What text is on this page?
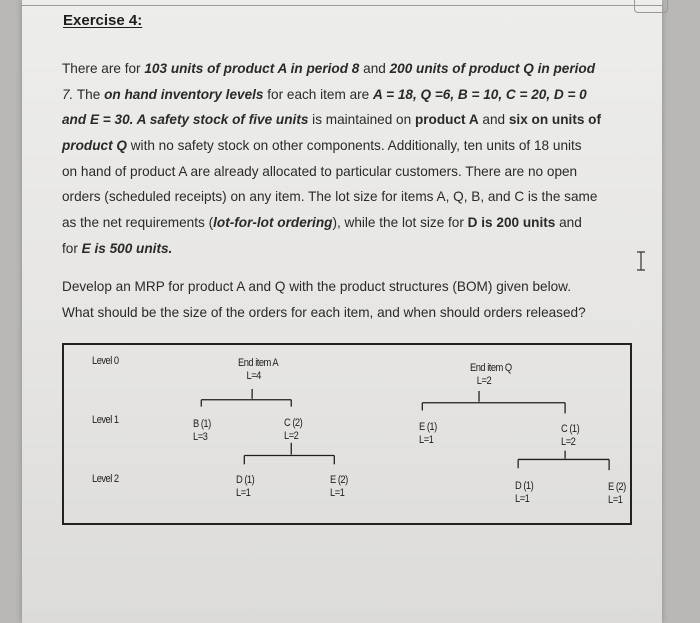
Exercise 4:
There are for 103 units of product A in period 8 and 200 units of product Q in period
7. The on hand inventory levels for each item are A = 18, Q =6, B = 10, C = 20, D = 0
and E = 30. A safety stock of five units is maintained on product A and six on units of
product Q with no safety stock on other components. Additionally, ten units of 18 units
on hand of product A are already allocated to particular customers. There are no open
orders (scheduled receipts) on any item. The lot size for items A, Q, B, and C is the same
as the net requirements (lot-for-lot ordering), while the lot size for D is 200 units and
for E is 500 units.
Develop an MRP for product A and Q with the product structures (BOM) given below.
What should be the size of the orders for each item, and when should orders released?
Level 0
Level 1
Level 2
End item A
L=4
End item Q
L=2
B (1)
L=3
C (2)
L=2
D (1)
L=1
E (2)
L=1
E (1)
L=1
C (1)
L=2
D (1)
L=1
E (2)
L=1
